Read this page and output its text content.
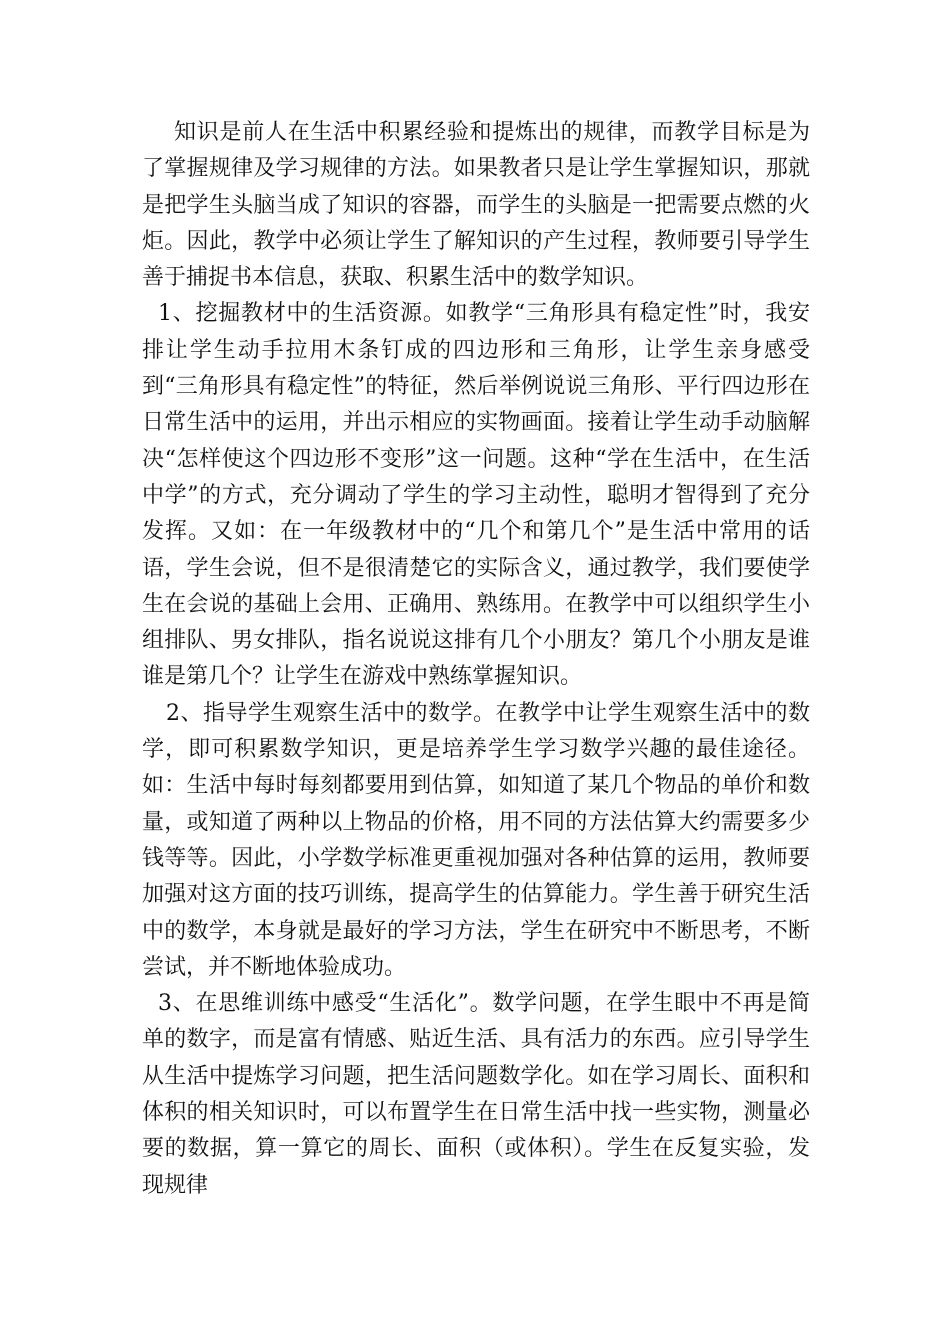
知识是前人在生活中积累经验和提炼出的规律，而教学目标是为了掌握规律及学习规律的方法。如果教者只是让学生掌握知识，那就是把学生头脑当成了知识的容器，而学生的头脑是一把需要点燃的火炬。因此，教学中必须让学生了解知识的产生过程，教师要引导学生善于捕捉书本信息，获取、积累生活中的数学知识。

1、挖掘教材中的生活资源。如教学“三角形具有稳定性”时，我安排让学生动手拉用木条钉成的四边形和三角形，让学生亲身感受到“三角形具有稳定性”的特征，然后举例说说三角形、平行四边形在日常生活中的运用，并出示相应的实物画面。接着让学生动手动脑解决“怎样使这个四边形不变形”这一问题。这种“学在生活中，在生活中学”的方式，充分调动了学生的学习主动性，聪明才智得到了充分发挥。又如：在一年级教材中的“几个和第几个”是生活中常用的话语，学生会说，但不是很清楚它的实际含义，通过教学，我们要使学生在会说的基础上会用、正确用、熟练用。在教学中可以组织学生小组排队、男女排队，指名说说这排有几个小朋友？第几个小朋友是谁谁是第几个？让学生在游戏中熟练掌握知识。

2、指导学生观察生活中的数学。在教学中让学生观察生活中的数学，即可积累数学知识，更是培养学生学习数学兴趣的最佳途径。如：生活中每时每刻都要用到估算，如知道了某几个物品的单价和数量，或知道了两种以上物品的价格，用不同的方法估算大约需要多少钱等等。因此，小学数学标准更重视加强对各种估算的运用，教师要加强对这方面的技巧训练，提高学生的估算能力。学生善于研究生活中的数学，本身就是最好的学习方法，学生在研究中不断思考，不断尝试，并不断地体验成功。

3、在思维训练中感受“生活化”。数学问题，在学生眼中不再是简单的数字，而是富有情感、贴近生活、具有活力的东西。应引导学生从生活中提炼学习问题，把生活问题数学化。如在学习周长、面积和体积的相关知识时，可以布置学生在日常生活中找一些实物，测量必要的数据，算一算它的周长、面积（或体积）。学生在反复实验，发现规律
